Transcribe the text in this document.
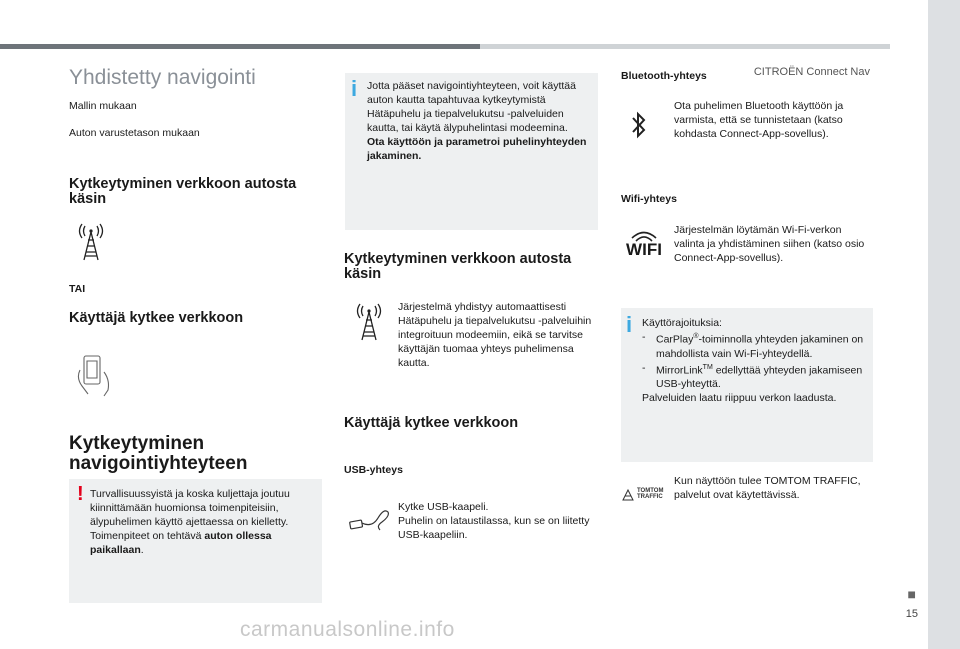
CITROËN Connect Nav
Yhdistetty navigointi
Mallin mukaan
Auton varustetason mukaan
Kytkeytyminen verkkoon autosta käsin
TAI
Käyttäjä kytkee verkkoon
Kytkeytyminen navigointiyhteyteen
! Turvallisuussyistä ja koska kuljettaja joutuu kiinnittämään huomionsa toimenpiteisiin, älypuhelimen käyttö ajettaessa on kielletty.
Toimenpiteet on tehtävä auton ollessa paikallaan.
i Jotta pääset navigointiyhteyteen, voit käyttää auton kautta tapahtuvaa kytkeytymistä Hätäpuhelu ja tiepalvelukutsu -palveluiden kautta, tai käytä älypuhelintasi modeemina.
Ota käyttöön ja parametroi puhelinyhteyden jakaminen.
Kytkeytyminen verkkoon autosta käsin
Järjestelmä yhdistyy automaattisesti Hätäpuhelu ja tiepalvelukutsu -palveluihin integroituun modeemiin, eikä se tarvitse käyttäjän tuomaa yhteys puhelimensa kautta.
Käyttäjä kytkee verkkoon
USB-yhteys
Kytke USB-kaapeli.
Puhelin on lataustilassa, kun se on liitetty USB-kaapeliin.
Bluetooth-yhteys
Ota puhelimen Bluetooth käyttöön ja varmista, että se tunnistetaan (katso kohdasta Connect-App-sovellus).
Wifi-yhteys
WIFI
Järjestelmän löytämän Wi-Fi-verkon valinta ja yhdistäminen siihen (katso osio Connect-App-sovellus).
i Käyttörajoituksia:
- CarPlay®-toiminnolla yhteyden jakaminen on mahdollista vain Wi-Fi-yhteydellä.
- MirrorLink™ edellyttää yhteyden jakamiseen USB-yhteyttä.
Palveluiden laatu riippuu verkon laadusta.
TOMTOM
TRAFFIC
Kun näyttöön tulee TOMTOM TRAFFIC, palvelut ovat käytettävissä.
■
15
carmanualsonline.info
